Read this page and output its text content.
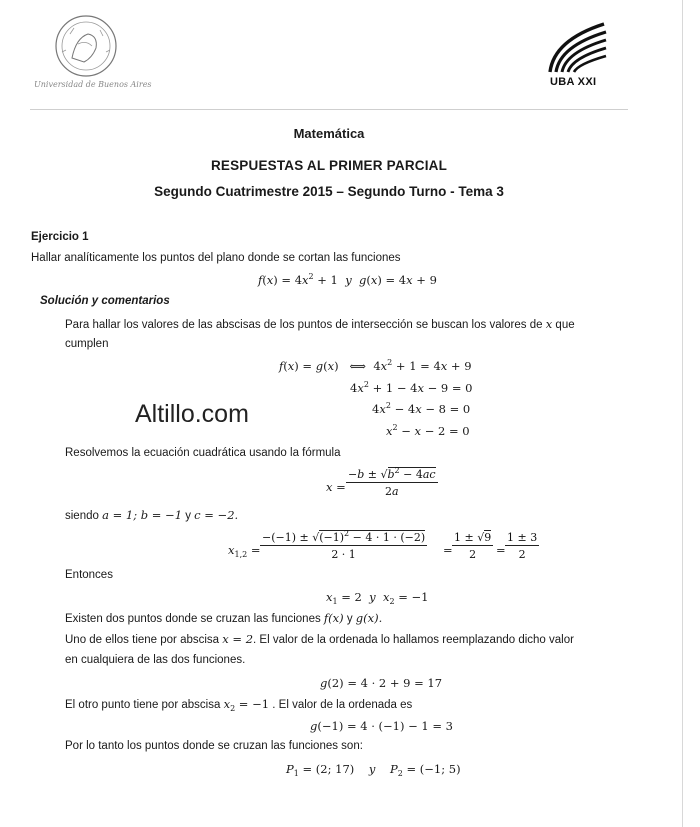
Universidad de Buenos Aires	UBA XXI
Matemática
RESPUESTAS AL PRIMER PARCIAL
Segundo Cuatrimestre 2015 – Segundo Turno - Tema 3
Ejercicio 1
Hallar analíticamente los puntos del plano donde se cortan las funciones
$f(x) = 4x^2 + 1$  y g(x) = 4x + 9
Solución y comentarios
Para hallar los valores de las abscisas de los puntos de intersección se buscan los valores de x que
cumplen
f(x) = g(x)   ⟺  $4x^2 + 1 = 4x + 9$
$4x^2 + 1 - 4x - 9 = 0$
$4x^2 - 4x - 8 = 0$
$x^2 - x - 2 = 0$
Altillo.com
Resolvemos la ecuación cuadrática usando la fórmula
$x = \frac{-b \pm √b^2 - 4ac}{2a}$
siendo a = 1; b = −1 y c = −2.
$x_{1,2} = \frac{-(-1) \pm √(-1)^2 - 4 \cdot 1 \cdot (-2)}{2 \cdot 1} = \frac{1 \pm √9}{2} = \frac{1 \pm 3}{2}$
Entonces
$x_1 = 2$  y $x_2 = -1$
Existen dos puntos donde se cruzan las funciones f(x) y g(x).
Uno de ellos tiene por abscisa x = 2. El valor de la ordenada lo hallamos reemplazando dicho valor
en cualquiera de las dos funciones.
g(2) = 4 · 2 + 9 = 17
El otro punto tiene por abscisa $x_2 = -1$ . El valor de la ordenada es
g(−1) = 4 · (−1) − 1 = 3
Por lo tanto los puntos donde se cruzan las funciones son:
$P_1 = (2$; 17)    y $P_2 = (-1$; 5)
